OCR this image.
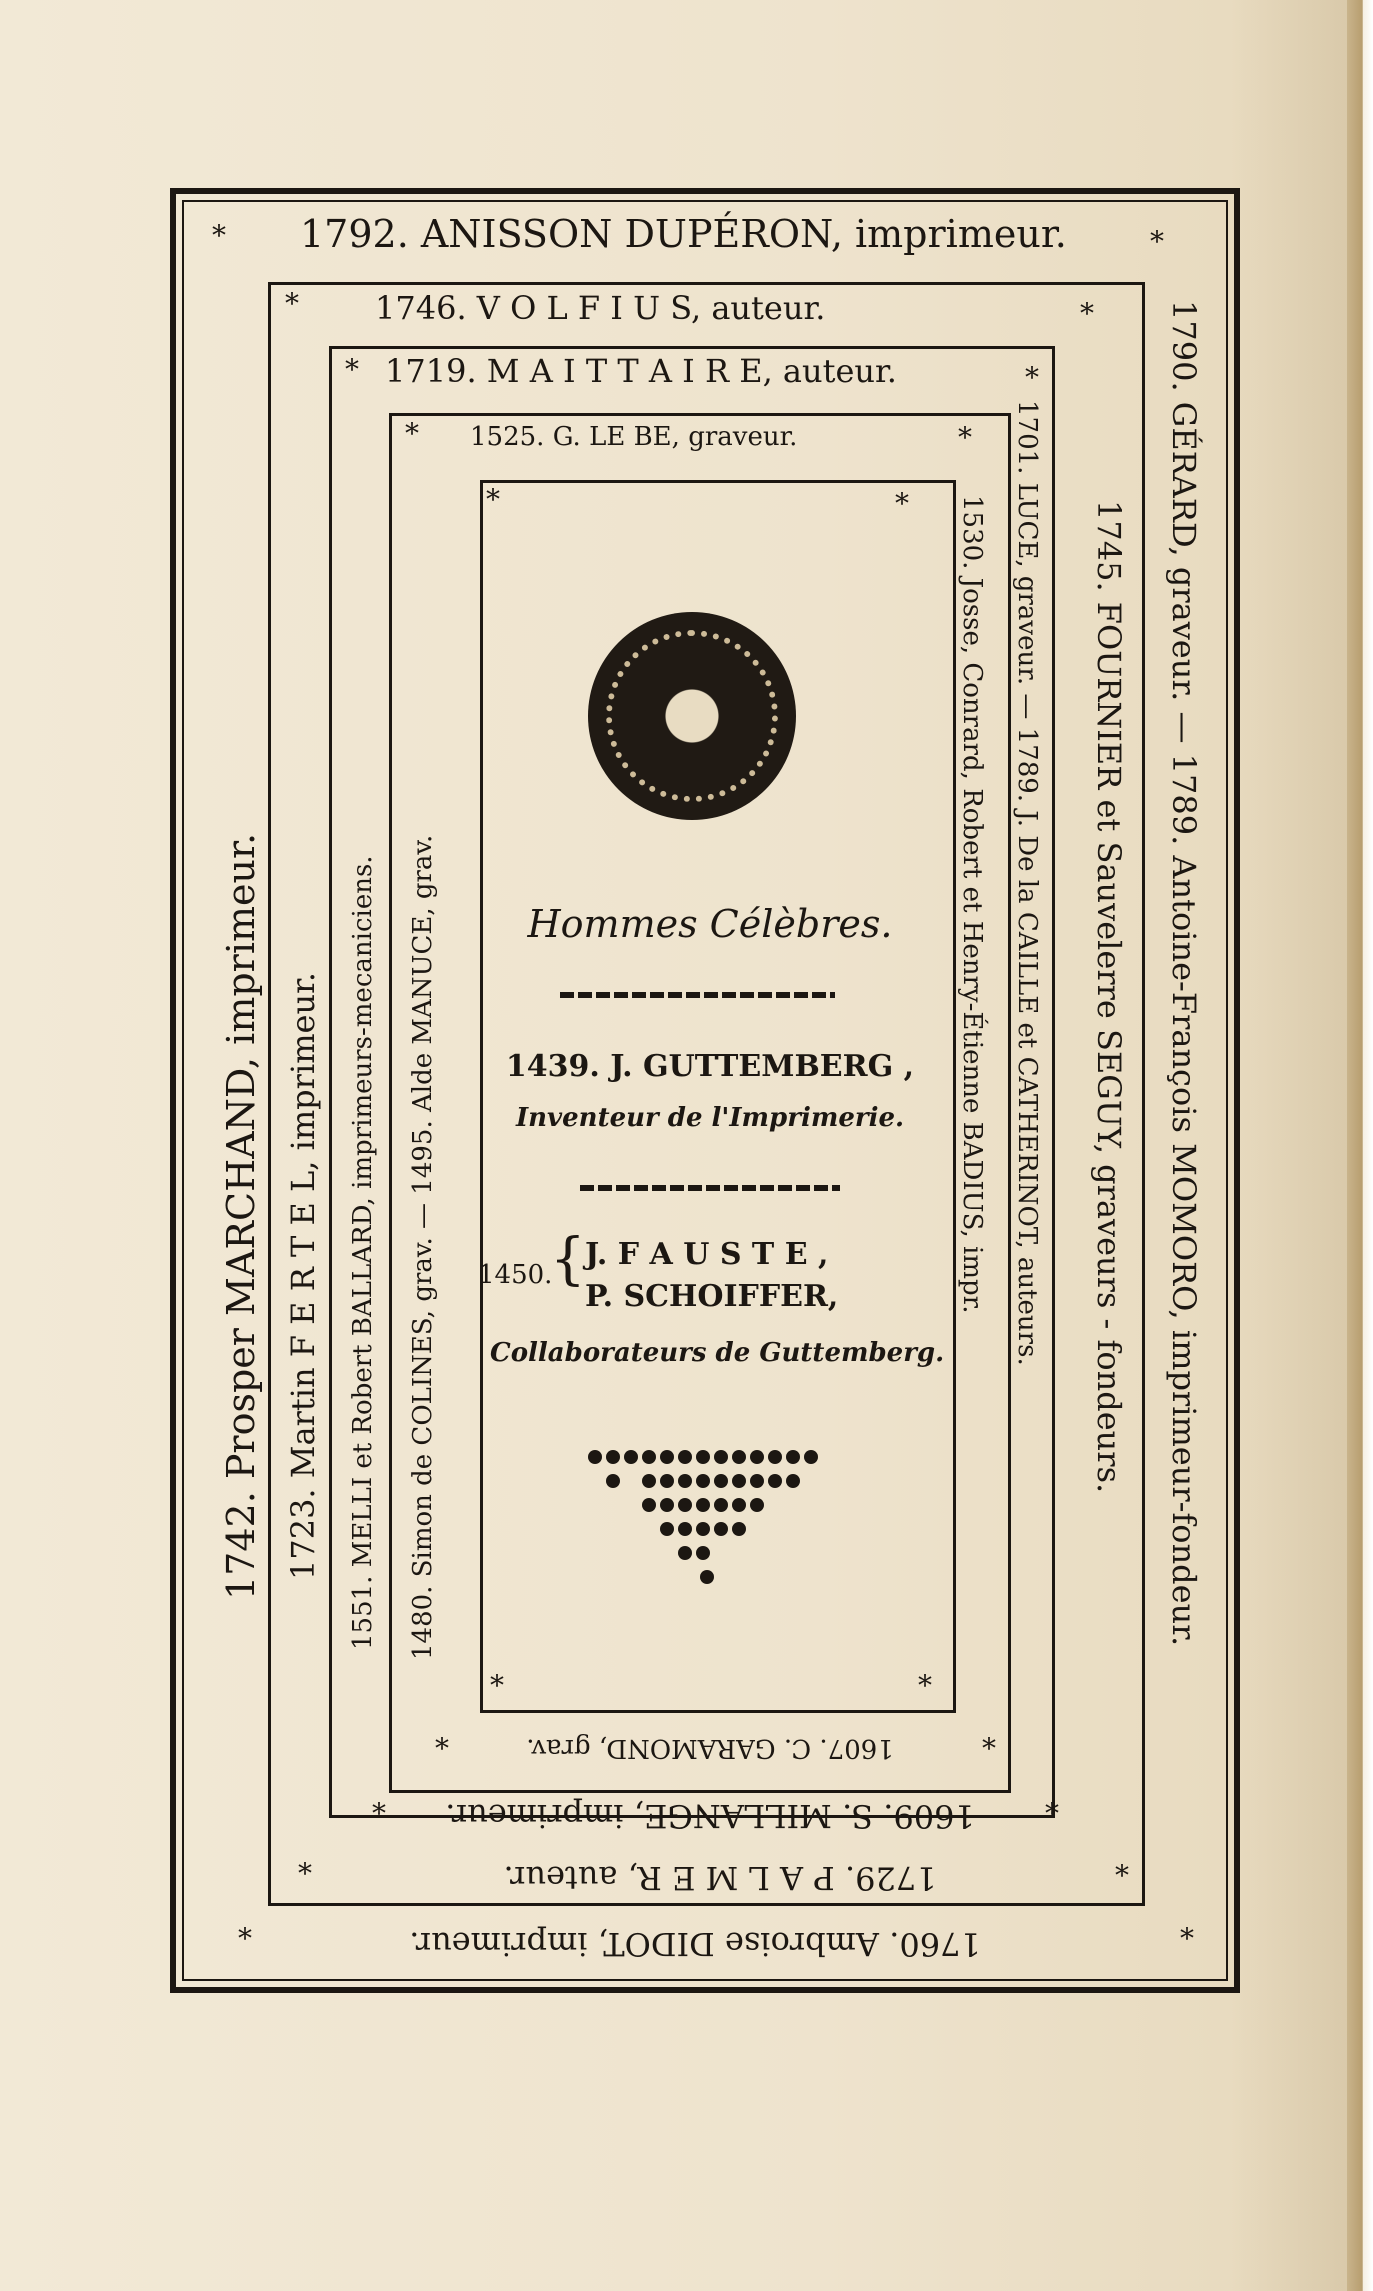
*	*
*	*
*	*
*	*
*	*
*	*
*	*
*	*
*	*
*	*
1792. ANISSON DUPÉRON, imprimeur.
1742. Prosper MARCHAND, imprimeur.	1790. GÉRARD, graveur. — 1789. Antoine-François MOMORO, imprimeur-fondeur.
1760. Ambroise DIDOT, imprimeur.
1746. V O L F I U S, auteur.
1723. Martin F E R T E L, imprimeur.	1745. FOURNIER et Sauvelerre SEGUY, graveurs - fondeurs.
1729. P A L M E R, auteur.
1719. M A I T T A I R E, auteur.
1551. MELLI et Robert BALLARD, imprimeurs-mecaniciens.	1701. LUCE, graveur. — 1789. J. De la CAILLE et CATHERINOT, auteurs.
1609. S. MILLANGE, imprimeur.
1525. G. LE BE, graveur.
1480. Simon de COLINES, grav. — 1495. Alde MANUCE, grav.	1530. Josse, Conrard, Robert et Henry-Étienne BADIUS, impr.
1607. C. GARAMOND, grav.
Hommes Célèbres.
1439. J. GUTTEMBERG ,
Inventeur de l'Imprimerie.
1450.
{ J. F A U S T E ,
P. SCHOIFFER,
Collaborateurs de Guttemberg.
